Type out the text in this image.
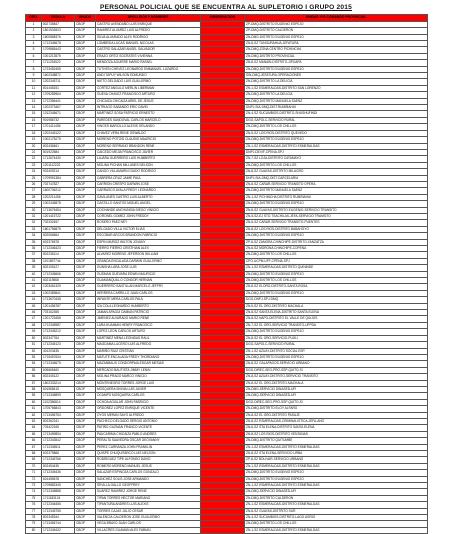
PERSONAL POLICIAL QUE SE ENCUENTRA AL SUPLETORIO I GRUPO 2015
ORD.	CÉDULA	GRADO	APELLIDOS Y NOMBRES	OBSERVACION	UNIDAD Y/O COMANDO PROVINCIAL
1	802735847	CBOP	CASTRO AVENDAÑO LUIS ENRIQUE		ZP-DMQ-DISTRITO EUGENIO ESPEJO
2	1801532603	CBOP	RAMIREZ ALVAREZ LUIS ALFREDO		ZP-DMQ-DISTRITO CALDERON
3	1600858376	CBOP	SILVA ALVARADO ALEX RODRIGO		ZN-DMG-DISTRITO EUGENIO ESPEJO
4	1712345678	CBOP	LOMBEIDA LUCAS MANUEL NICOLAS		ZN-8-SZ TUNGURAHUA-JEFATURA
5	1709865443	CBOP	CASTRO SALAZAR ANGEL SALVADOR		ZN-DMQ-ZONA CENTRO PICHINCHA
6	1001213575	CBOP	ERAZO ORTIZ SOCRATES VIVIENNA		ZN-DMQ-DISTRITO PROVINCIAL
7	1711234522	CBOP	MENDOZA AGUIRRE MARIO RAFAEL		ZN-8-SZ MANABI-DISTRITO-JIPIJAPA
8	1723452455	CBOP	TUTIVEN CHEVEZ LEONARDO EMMANUEL LUZARDO		ZN-DMQ-DISTRITO EUGENIO ESPEJO
9	1602348871	CBOP	ANDI TAPUY WILSON EDMUNDO		SIN-DMQ-JEFATURA OPERACIONES
10	1202345711	CBOP	NIETO DELGADO LUIS GUILLERMO		ZN-DMQ-DISTRITO LA DELICIA
11	801445151	CBOP	CORTEZ ANGULO MERLIN LIBERMAN		ZN-1-SZ ESMERALDAS-DISTRITO SAN LORENZO
12	1709289964	CBOP	GUEVA CHAVEZ FRANCISCO ARTURO		ZN-DMQ-DISTRITO LA DELICIA
13	1712356441	CBOP	CHICAIZA CHICAIZA ARIEL DE JESUS		ZN-DMQ-DISTRITO MANUELA SAENZ
14	1202373467	CBOP	INTRIAGO SABANDO ERIC DAVID		DNPJ-SIA-DMQ-DIST.RUMIÑAHUI
15	1312345671	CBOP	MARTINEZ SOSA PATRICIO ERNESTO		ZN-4-SZ SUCUMBIOS-DISTRITO-SHUSHUFINDI
16	901986732	CBOP	PAREDES SANDOVAL CARLOS MARCELO		DGO-SAPOLC-SERVICIO RURAL
17	1701411456	CBOP	VINCES MARCILLO ALEXIS ORLANDO		ZN-DMQ-DISTRITO LOS CHILLOS
18	1202445122	CBOP	CHAVEZ VERA RENE OSWALDO		ZN-5-SZ LOS RIOS-DISTRITO QUEVEDO
19	1002175275	CBOP	MORENO POTOSI CLAUDIO MAURICIO		ZN-DMQ-DISTRITO EUGENIO ESPEJO
20	802436461	CBOP	MORENO SERRANO BRANDON RENE		ZN-1-SZ ESMERALDAS-DISTRITO ESMERALDAS
21	801922584	CBOP	CAICEDO MEJIA FRANCISCO JAVIER		DNPJ-DEVIF-CPENA-SPJ
22	1712674430	CBOP	LAJARA GUERRERO LUIS HUMBERTO		ZN-7-SZ LOJA-DISTRITO CATAMAYO
23	1201112222	CBOP	MOLINA PICHAN MILLANES NELSON		ZN-DMQ-DISTRITO LOS CHILLOS
24	902409214	CBOP	CANGO VILLAMARIN GUIDO RODRIGO		ZN-8-SZ GUAYAS-DISTRITO MILAGRO
25	1709991384	CBOP	CABRERA CRUZ JAIME PAUL		DNPJ-SIA-DMQ-DIST.CARCELARIA
26	702747827	CBOP	CARRION CRESPO DARWIN JOSE		ZN-6-SZ CAÑAR-SERVICIO TRANSITO OPERA.
27	1600736212	CBOP	CARRASCO AYALA FREDY LEONARDO		ZN-DMQ-DISTRITO MANUELA SAENZ
28	1202211456	CBOP	GAVILANES CASTRO LUIS ALBERTO		ZN-1-SZ PICHINCHA DISTRITO RUMIÑAHUI
29	1002345878	CBOP	CASTILLO SANTOS MIGUEL ANGEL		ZN-DMQ-DISTRITO EUGENIO ESPEJO
30	1713675454	CBOP	COCHANDE ANCHUNDIA DIEGO VINICIO		ZN-8-SZ GUAYAS-DISTRITO EUGENIO-SERVICIO TRANSITO
31	1201415722	CBOP	CORONEL GOMEZ JOHN FREDDY		ZN-5-SZ-EJ STO.TSACHILAS-JEFA-SERVICIO TRANSITO
32	702332457	CBOP	ROSERO PAEZ NEY		ZN-6-SZ CAÑAR-SERVICIO TRANSITO-PUENTES
33	1801756875	CBOP	DELGADO VILLA VICTOR ELIAS		ZN-8-SZ LOS RIOS-DISTRITO BABAHOYO
34	802066564	CBOP	ESCOBAR ARCOS BRANDON FABRICIO		ZN-DMQ-DISTRITO EUGENIO ESPEJO
35	602376578	CBOP	ESPIN MUÑOZ WILTON JOVANY		ZP-8-SZ ZAMORA CHINCHIPE-DISTRITO-YANZATZA
36	1712346423	CBOP	FIERRO FIERRO CRISTHIAN ALEX		ZN-6-SZ MORONA CHINCHIPE-COPENA
37	802236114	CBOP	ALVAREZ MORENO JEFERSON WILLIAM		ZN-DMQ-DISTRITO LOS CHILLOS
38	1101897744	CBOP	GRANDA ENCALADA DARWIN GUILLERMO		CPO-UCPM-UFF-CPENA-SPJ
39	802105127	CBOP	GUNSHA LARA JOSE LUIS		ZN-1-SZ ESMERALDAS-DISTRITO QUININDE
40	1712345666	CBOP	GUSMAN GUEVARA EDWIN MAURICIO		ZN-DMQ-DISTRITO EUGENIO ESPEJO
41	602119868	CBOP	GUAMANQUILLO CONDOR HERNAN		ZN-DMQ-DISTRITO LOS CHILLOS
42	1203461325	CBOP	GUERRERO SANTILLAN MARCELO JEFFRY		ZN-8-SZ ELORO-DISTRITO-SANTA ROSA
43	1002389841	CBOP	HERRERA CARRILLO JUAN CARLOS		ZN-DMQ-DISTRITO EUGENIO ESPEJO
44	1713670436	CBOP	INFANTE MERA CARLOS PAUL		DGO-DNPJ-SPJ-DMQ
45	1201456787	CBOP	IZA COLA LEONARDO HUMBERTO		ZN-5-SZ EL ORO-DISTRITO MACHALA
46	703162355	CBOP	JAMAN APAGUI DAMIAN PATRICIO		ZN-8-SZ SANTA ELENA-DISTRITO SANTA ELENA
47	1201723456	CBOP	JIMENEZ ALVARADO MARIO RENE		ZN-8-SZ NAPO-DISTRITO EL VALLE DE QUIJOS
48	1712345987	CBOP	LARA HUAIMAN HENRY FRANCISCO		ZN-7-SZ EL ORO-SERVICIO TRANSITO-UFPDA
49	1712345212	CBOP	LOPEZ LEON CARLOS ARTURO		ZN-DMQ-DISTRITO EUGENIO ESPEJO
50	802347764	CBOP	MARTINEZ MENA LEONIDAS RAUL		ZN-8-SZ EL ORO-SERVICIO-PUJILI
51	1712345123	CBOP	MAGDAMA LUCERO LUIS ALFREDO		DGO-SAPOLC-SERVICIO RURAL
52	401203435	CBOP	MARIÑO RUIZ CRISTIAN		ZN-1-SZ AZUAY-DISTRITO SOCIAL ESP.
53	1715457634	CBOP	MATUTE ENCALADA FREDY THORDIANO		ZN-DMQ-DISTRITO EUGENIO ESPEJO
54	1712345675	CBOP	MAZANBAUS CONDORPAIA EDGAR MESIAS		ZN-8-SZ GALAPAGOS-SERVICIO URBANO
55	605665460	CBOP	MERCADO BAUTISTA JIMMY LENIN		DGO-DIREC-SEG-PRO-SSP-QUITO-SI
56	802345122	CBOP	MOLINA PRADO MARCO VINICIO		ZN-8-SZ AZUAY-DISTRITO-SERVICIO TRANSITO
57	1802333214	CBOP	MONTENEGRO TORRES JORGE LUIS		ZN-8-SZ EL ORO-DISTRITO-MACHALA
58	601968415	CBOP	MOSQUERA SKINIA LUIS JAVIER		ZN-DMG-SERVICIO DINASED-UFI
59	1712345899	CBOP	OCAMPO MOSQUERA CARLOS		ZN-DMQ-SERVICIO DINASED-UFI
60	1102356814	CBOP	OCHOA AGUILAR JOHN FABRICIO		DGO-DIREC-SEG-PRO-SSP-QUITO-SI
61	1705766843	CBOP	ORDOÑEZ LOPEZ ENRIQUE VICENTE		ZN-DMQ-DISTRITO ELOY ALFARO
62	1713456754	CBOP	OYOS MERAN SAYO ALFREDO		ZN-8-SZ EL ORO-DISTRITO PASAJE
63	802362241	CBOP	PACHECO DELGADO SERGIO ANTONIO		ZN-8-SZ ESMERALDAS-CRIMINALISTICA-JEFA-ANO
64	703422345	CBOP	PATIÑO GUZMAN FRANCO VICENTE		ZN-6-SZ STA ELENA-DISTRITO SANTA ELENA
65	1713459854	CBOP	PAUCARIMA CHICAIZA PABLO ANDRES		ZN-8-SZ LOS RIOS-DISTRITO VENTANAS
66	1712343542	CBOP	PERALTA SAAVEDRA OSCAR GEOVANNY		ZN-DMQ-DISTRITO QUITUMBE
67	1712345511	CBOP	PEREZ CARRANZA JOHN FRANKLIN		ZN-1-SZ ESMERALDAS-DISTRITO ESMERALDAS
68	602379866	CBOP	QUISPE CHUQUITARCO LUIS NELSON		ZN-8-SZ STA ELENA-SERVICIO URBA
69	1712345766	CBOP	RODRIGUEZ TIPE ALFONSO DAVID		ZP-8-SZ BOLIVAR-SERVICIO URBANO
70	802454435	CBOP	ROMERO MORENO MANUEL JESUS		ZN-1-SZ ESMERALDAS-DISTRITO ESMERALDAS
71	1712345436	CBOP	SALAZAR ESPINOZA CARLOS GONZALO		ZN-DMQ-DISTRITO EUGENIO ESPEJO
72	601455678	CBOP	SANCHEZ SOLIS JOSE ARMANDO		ZN-DMQ-DISTRITO EUGENIO ESPEJO
73	1709882345	CBOP	SEVILLA GALLO GEOFFREY		ZN-1-SZ ESMERALDAS-DISTRITO ESMERALDAS
74	1712345888	CBOP	SUAREZ RAMIREZ JORGE RENE		ZN-DMQ-SERVICIO DINASED-UFI
75	1711183124	CBOP	TIPAN TORRES HECTOR MARIANO		ZN-DMQ-DISTRITO CALDERON
76	1712346456	CBOP	TIPANTUÑA ANDRES LUIS ALEXIS		ZN-1-SZ ESMERALDAS-DISTRITO ESMERALDAS
77	1712345755	CBOP	TORRES CAJAS JULIO CESAR		ZN-8-SZ GUAYAS-DISTRITO SUR
78	802345344	CBOP	VALENCIA CALDERON JOSE GUILLERMO		ZN-4-SZ SUCUMBIOS-DISTRITO-LAGO AGRIO
79	1713456744	CBOP	VEGA BRAVO JUAN CARLOS		ZN-DMQ-DISTRITO LOS CHILLOS
80	1712345432	CBOP	VILLACRES GUAMAN ALEX FABIAN		ZN-1-SZ ESMERALDAS-DISTRITO ESMERALDAS
